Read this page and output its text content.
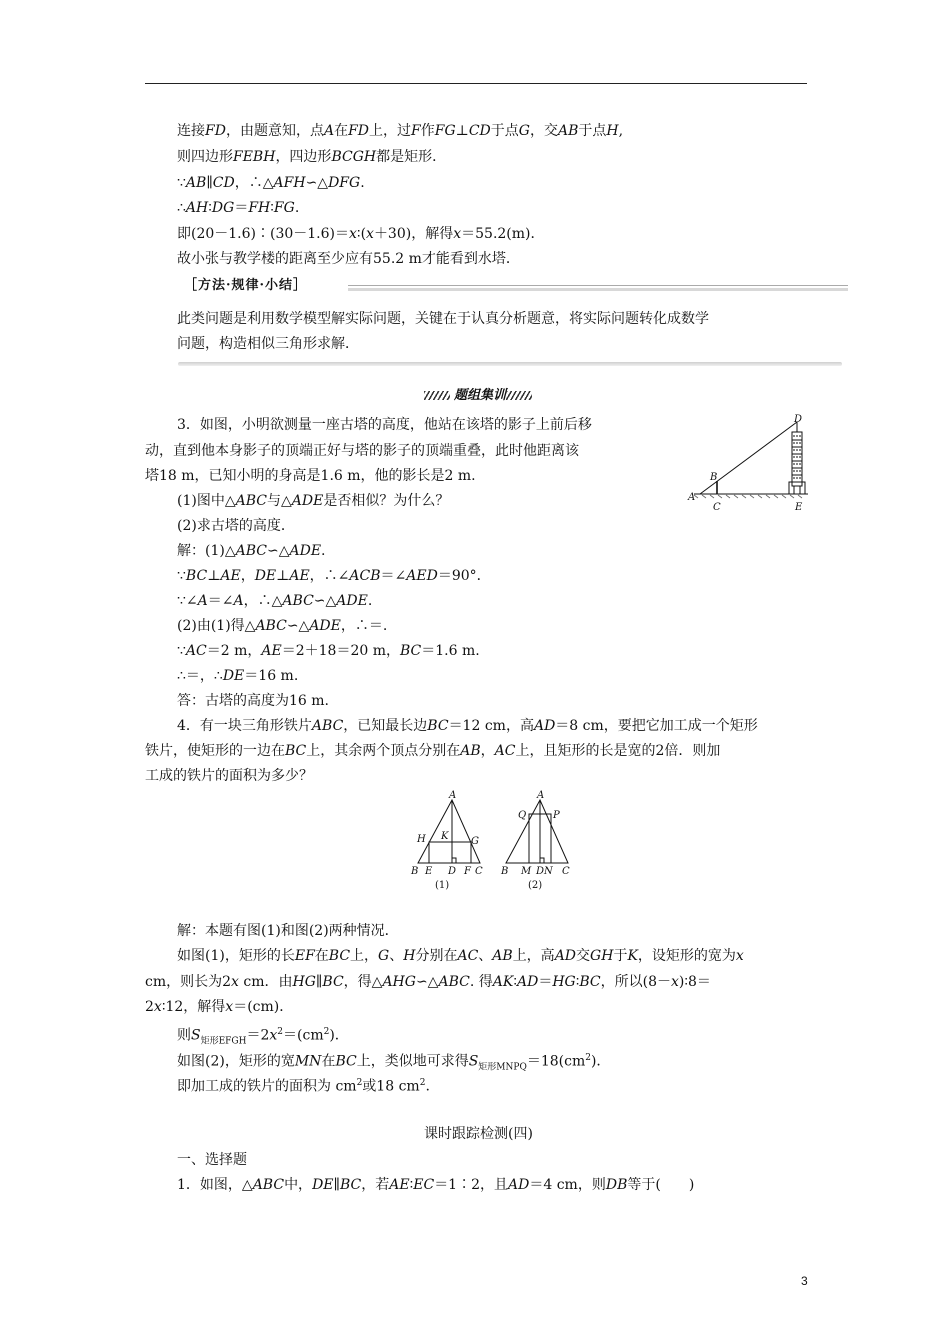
连接FD，由题意知，点A在FD上，过F作FG⊥CD于点G，交AB于点H,
则四边形FEBH，四边形BCGH都是矩形．
∵AB∥CD，∴△AFH∽△DFG.
∴AH∶DG＝FH∶FG.
即(20－1.6)∶(30－1.6)＝x∶(x＋30)，解得x＝55.2(m)．
故小张与教学楼的距离至少应有55.2 m才能看到水塔．
［方法·规律·小结］
此类问题是利用数学模型解实际问题，关键在于认真分析题意，将实际问题转化成数学
问题，构造相似三角形求解．
题组集训
3．如图，小明欲测量一座古塔的高度，他站在该塔的影子上前后移
动，直到他本身影子的顶端正好与塔的影子的顶端重叠，此时他距离该
塔18 m，已知小明的身高是1.6 m，他的影长是2 m.
(1)图中△ABC与△ADE是否相似？为什么？
(2)求古塔的高度．
解：(1)△ABC∽△ADE.
∵BC⊥AE，DE⊥AE，∴∠ACB＝∠AED＝90°．
∵∠A＝∠A，∴△ABC∽△ADE.
(2)由(1)得△ABC∽△ADE，∴＝.
∵AC＝2 m，AE＝2＋18＝20 m，BC＝1.6 m.
∴＝，∴DE＝16 m.
答：古塔的高度为16 m.
A
B
C
D
E
4．有一块三角形铁片ABC，已知最长边BC＝12 cm，高AD＝8 cm，要把它加工成一个矩形
铁片，使矩形的一边在BC上，其余两个顶点分别在AB，AC上，且矩形的长是宽的2倍．则加
工成的铁片的面积为多少？
A
H K G
B E D F C
(1)
A
Q	P
B M DN C
(2)
解：本题有图(1)和图(2)两种情况．
如图(1)，矩形的长EF在BC上，G、H分别在AC、AB上，高AD交GH于K，设矩形的宽为x
cm，则长为2x cm．由HG∥BC，得△AHG∽△ABC. 得AK∶AD＝HG∶BC，所以(8－x)∶8＝
2x∶12，解得x＝(cm)．
则$S_{矩形EFGH}=2x^2=(cm^2)$．
如图(2)，矩形的宽MN在BC上，类似地可求得$S_{矩形MNPQ}=18(cm^2)$．
即加工成的铁片的面积为 $cm^2$或18 $cm^2$.
课时跟踪检测(四)
一、选择题
1．如图，△ABC中，DE∥BC，若AE∶EC＝1∶2，且AD＝4 cm，则DB等于(　　)
3
